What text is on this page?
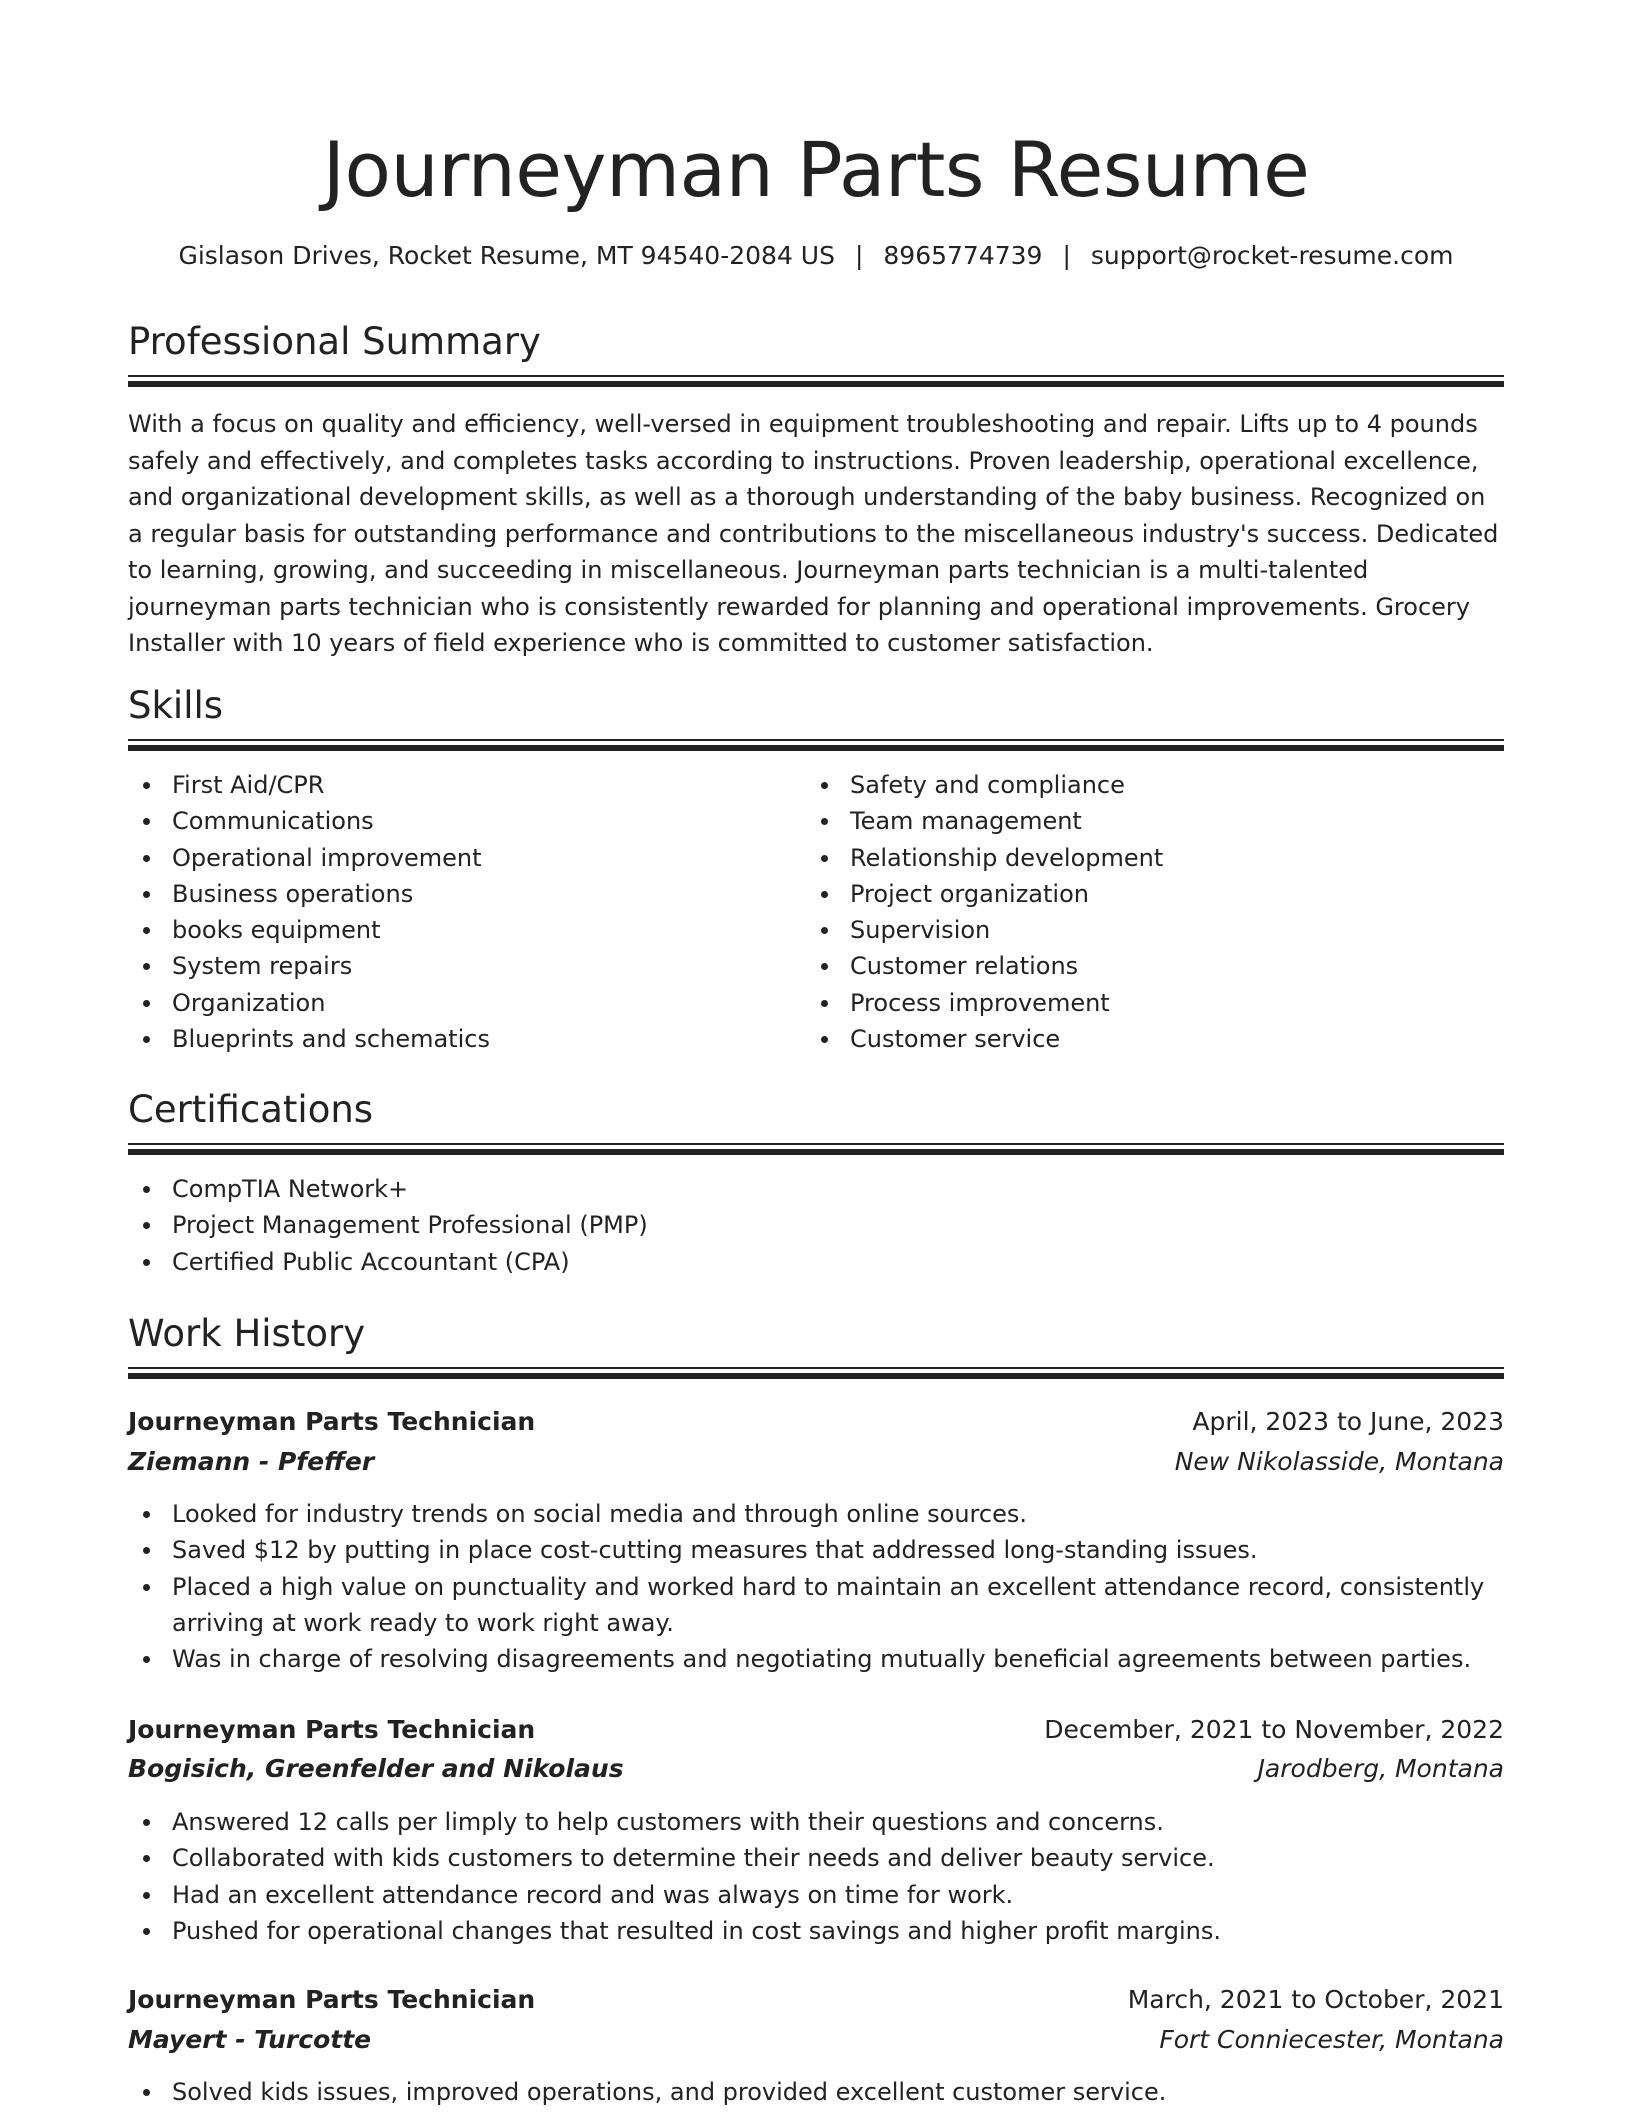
Journeyman Parts Resume
Gislason Drives, Rocket Resume, MT 94540-2084 US | 8965774739 | support@rocket-resume.com
Professional Summary

With a focus on quality and efficiency, well-versed in equipment troubleshooting and repair. Lifts up to 4 pounds safely and effectively, and completes tasks according to instructions. Proven leadership, operational excellence, and organizational development skills, as well as a thorough understanding of the baby business. Recognized on a regular basis for outstanding performance and contributions to the miscellaneous industry's success. Dedicated to learning, growing, and succeeding in miscellaneous. Journeyman parts technician is a multi-talented journeyman parts technician who is consistently rewarded for planning and operational improvements. Grocery Installer with 10 years of field experience who is committed to customer satisfaction.

Skills
First Aid/CPR
Communications
Operational improvement
Business operations
books equipment
System repairs
Organization
Blueprints and schematics
Safety and compliance
Team management
Relationship development
Project organization
Supervision
Customer relations
Process improvement
Customer service
Certifications
CompTIA Network+
Project Management Professional (PMP)
Certified Public Accountant (CPA)
Work History
Journeyman Parts Technician	April, 2023 to June, 2023
Ziemann - Pfeffer	New Nikolasside, Montana
Looked for industry trends on social media and through online sources.
Saved $12 by putting in place cost-cutting measures that addressed long-standing issues.
Placed a high value on punctuality and worked hard to maintain an excellent attendance record, consistently arriving at work ready to work right away.
Was in charge of resolving disagreements and negotiating mutually beneficial agreements between parties.
Journeyman Parts Technician	December, 2021 to November, 2022
Bogisich, Greenfelder and Nikolaus	Jarodberg, Montana
Answered 12 calls per limply to help customers with their questions and concerns.
Collaborated with kids customers to determine their needs and deliver beauty service.
Had an excellent attendance record and was always on time for work.
Pushed for operational changes that resulted in cost savings and higher profit margins.
Journeyman Parts Technician	March, 2021 to October, 2021
Mayert - Turcotte	Fort Conniecester, Montana
Solved kids issues, improved operations, and provided excellent customer service.
